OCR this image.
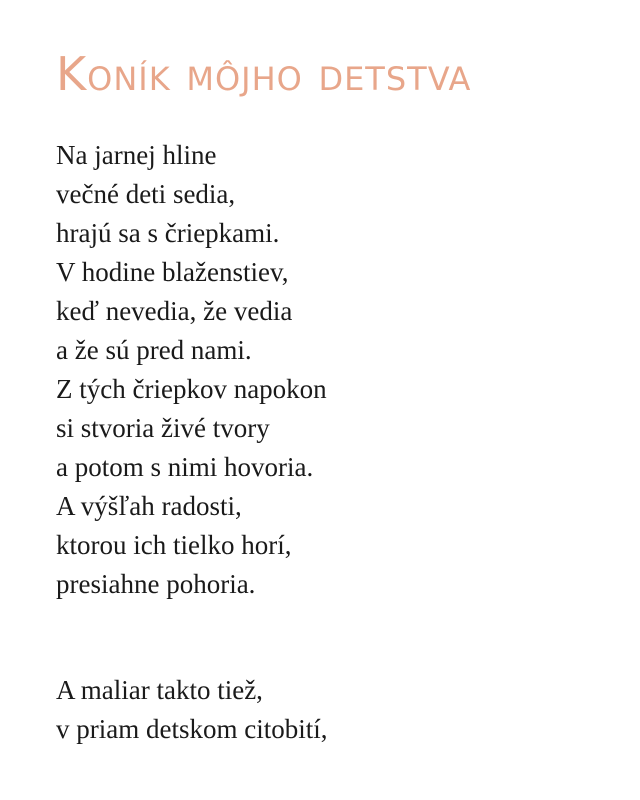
Koník môjho detstva
Na jarnej hline
večné deti sedia,
hrajú sa s čriepkami.
V hodine blaženstiev,
keď nevedia, že vedia
a že sú pred nami.
Z tých čriepkov napokon
si stvoria živé tvory
a potom s nimi hovoria.
A výšľah radosti,
ktorou ich tielko horí,
presiahne pohoria.
A maliar takto tiež,
v priam detskom citobití,
